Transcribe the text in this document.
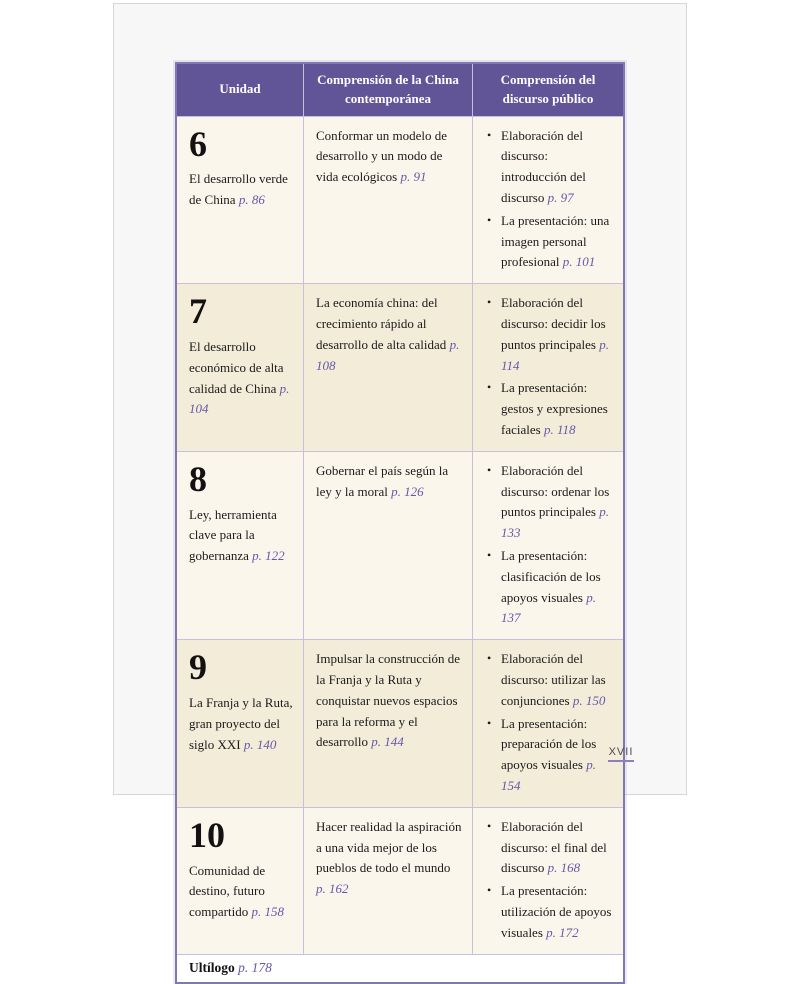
Unidad
Comprensión de la China contemporánea
Comprensión del discurso público
6
El desarrollo verde de China p. 86
Conformar un modelo de desarrollo y un modo de vida ecológicos p. 91
• Elaboración del discurso: introducción del discurso p. 97
• La presentación: una imagen personal profesional p. 101
7
El desarrollo económico de alta calidad de China p. 104
La economía china: del crecimiento rápido al desarrollo de alta calidad p. 108
• Elaboración del discurso: decidir los puntos principales p. 114
• La presentación: gestos y expresiones faciales p. 118
8
Ley, herramienta clave para la gobernanza p. 122
Gobernar el país según la ley y la moral p. 126
• Elaboración del discurso: ordenar los puntos principales p. 133
• La presentación: clasificación de los apoyos visuales p. 137
9
La Franja y la Ruta, gran proyecto del siglo XXI p. 140
Impulsar la construcción de la Franja y la Ruta y conquistar nuevos espacios para la reforma y el desarrollo p. 144
• Elaboración del discurso: utilizar las conjunciones p. 150
• La presentación: preparación de los apoyos visuales p. 154
10
Comunidad de destino, futuro compartido p. 158
Hacer realidad la aspiración a una vida mejor de los pueblos de todo el mundo p. 162
• Elaboración del discurso: el final del discurso p. 168
• La presentación: utilización de apoyos visuales p. 172
Ultílogo p. 178
XVII
